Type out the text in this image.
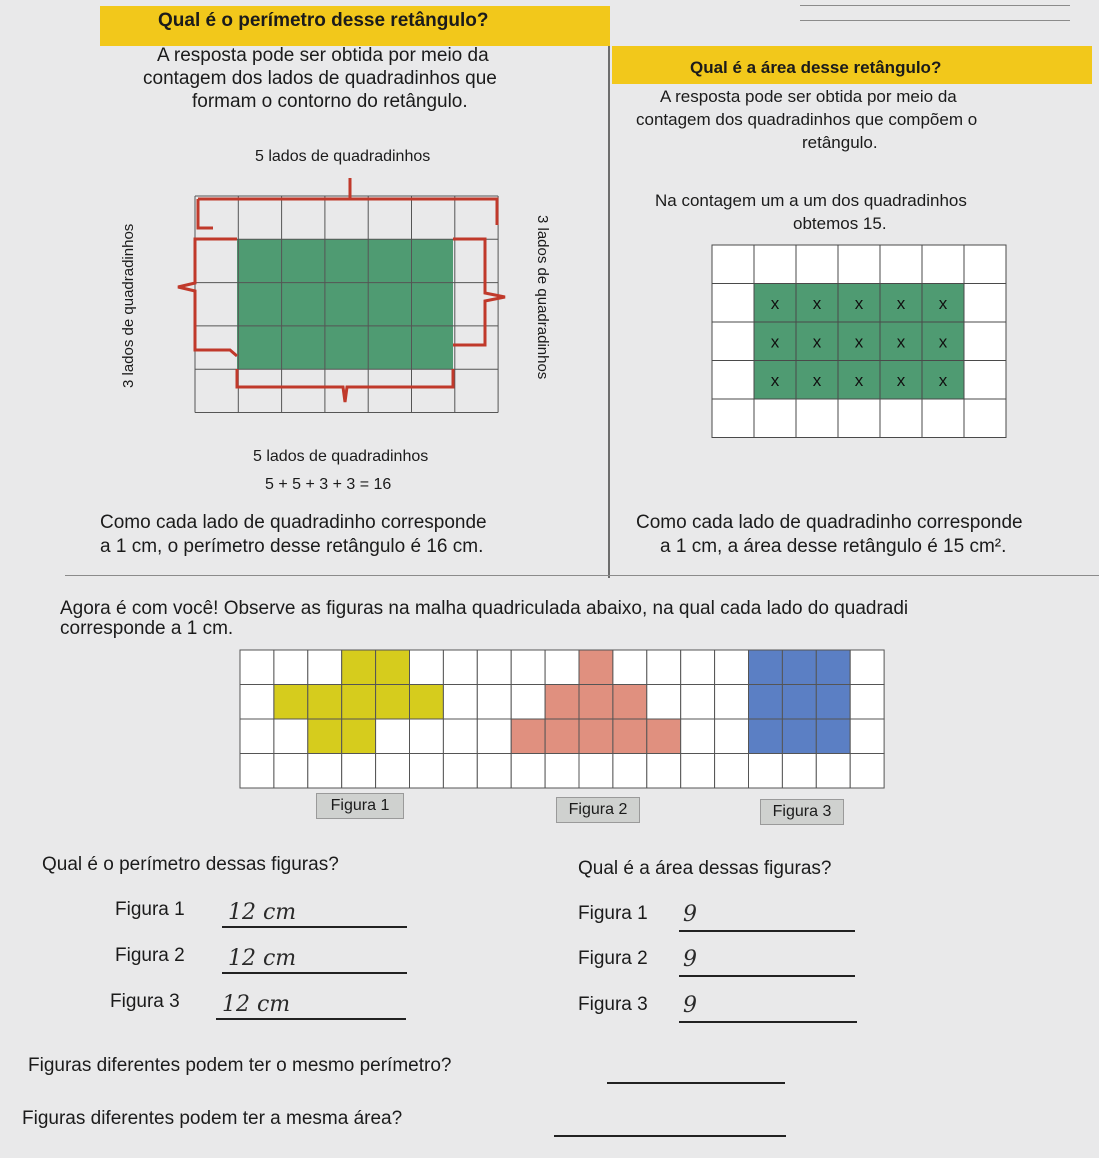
Qual é o perímetro desse retângulo?
Qual é a área desse retângulo?
A resposta pode ser obtida por meio da
contagem dos lados de quadradinhos que
formam o contorno do retângulo.
5 lados de quadradinhos
3 lados de quadradinhos	3 lados de quadradinhos
5 lados de quadradinhos
5 + 5 + 3 + 3 = 16
Como cada lado de quadradinho corresponde
a 1 cm, o perímetro desse retângulo é 16 cm.
A resposta pode ser obtida por meio da
contagem dos quadradinhos que compõem o
retângulo.
Na contagem um a um dos quadradinhos
obtemos 15.
Como cada lado de quadradinho corresponde
a 1 cm, a área desse retângulo é 15 cm².
x x x x x
x x x x x
x x x x x
Agora é com você! Observe as figuras na malha quadriculada abaixo, na qual cada lado do quadradi
corresponde a 1 cm.
Figura 1	Figura 2	Figura 3
Qual é o perímetro dessas figuras?	Qual é a área dessas figuras?
Figura 1 12 cm
Figura 2 12 cm
Figura 3 12 cm
Figura 1 9
Figura 2 9
Figura 3 9
Figuras diferentes podem ter o mesmo perímetro?
Figuras diferentes podem ter a mesma área?
